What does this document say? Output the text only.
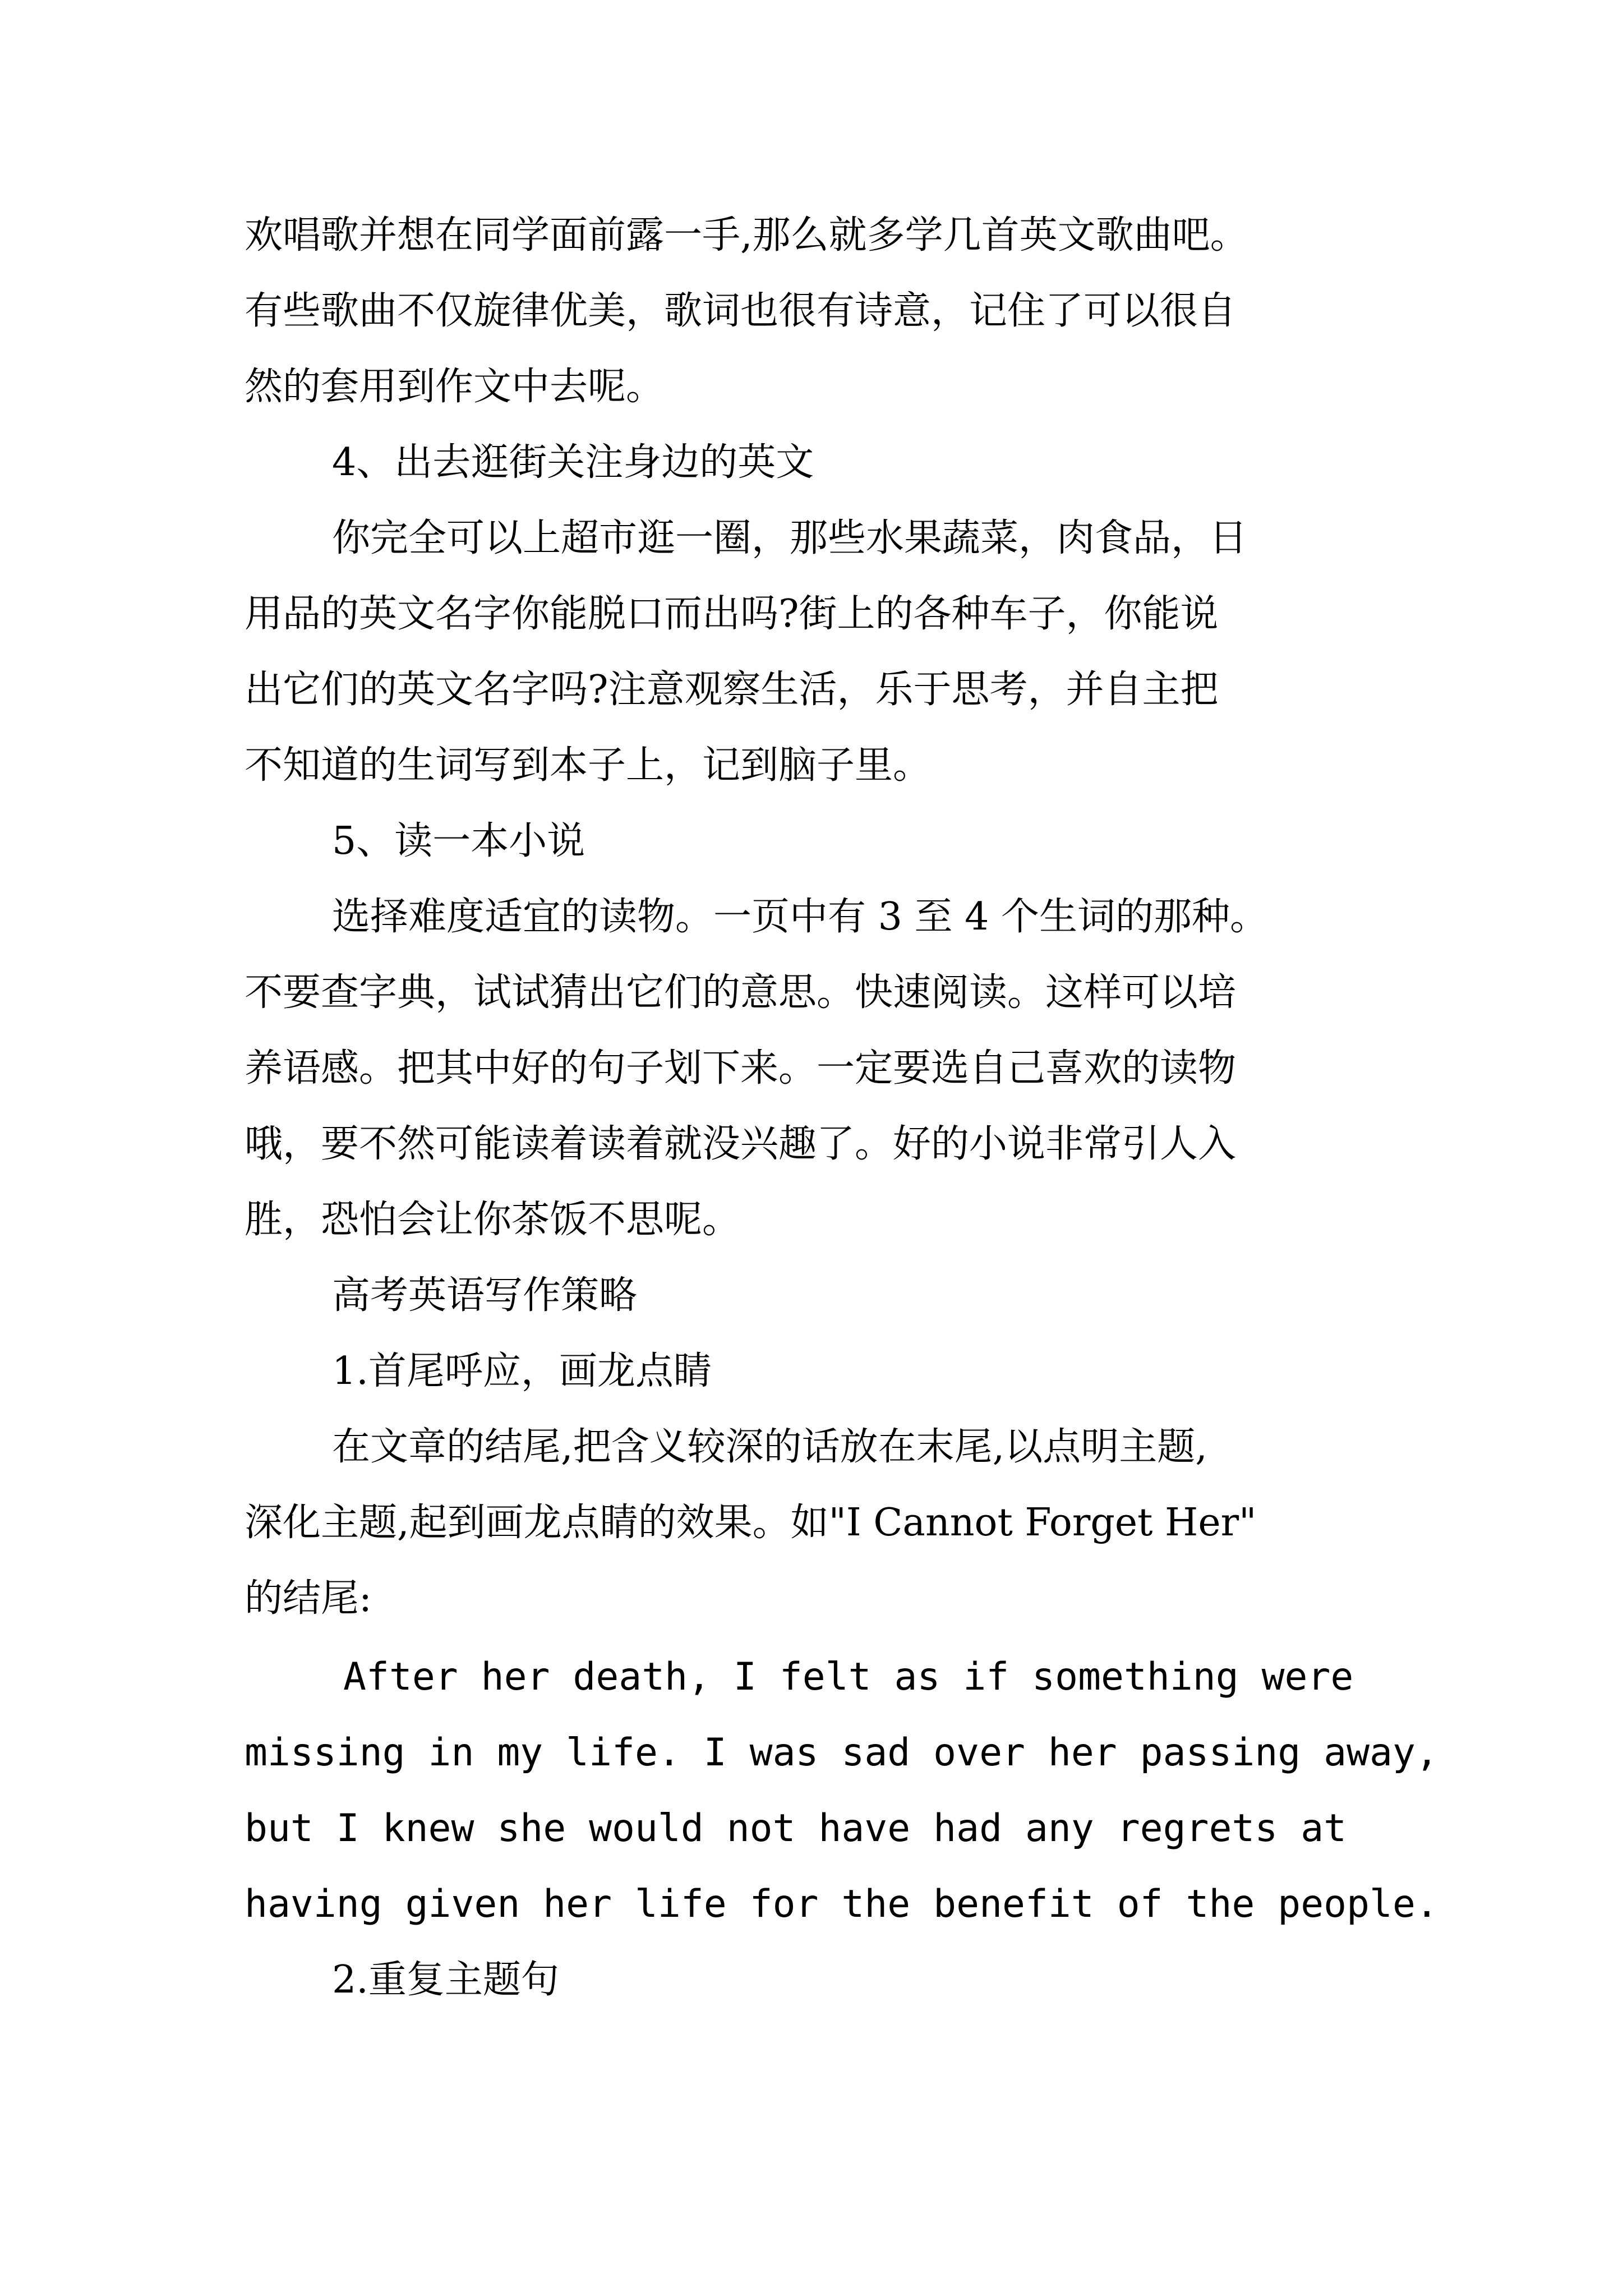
欢唱歌并想在同学面前露一手,那么就多学几首英文歌曲吧。

有些歌曲不仅旋律优美，歌词也很有诗意，记住了可以很自

然的套用到作文中去呢。

4、出去逛街关注身边的英文

你完全可以上超市逛一圈，那些水果蔬菜，肉食品，日

用品的英文名字你能脱口而出吗?街上的各种车子，你能说

出它们的英文名字吗?注意观察生活，乐于思考，并自主把

不知道的生词写到本子上，记到脑子里。

5、读一本小说

选择难度适宜的读物。一页中有 3 至 4 个生词的那种。

不要查字典，试试猜出它们的意思。快速阅读。这样可以培

养语感。把其中好的句子划下来。一定要选自己喜欢的读物

哦，要不然可能读着读着就没兴趣了。好的小说非常引人入

胜，恐怕会让你茶饭不思呢。

高考英语写作策略

1.首尾呼应，画龙点睛

在文章的结尾,把含义较深的话放在末尾,以点明主题,

深化主题,起到画龙点睛的效果。如"I Cannot Forget Her"

的结尾:

After her death, I felt as if something were

missing in my life. I was sad over her passing away,

but I knew she would not have had any regrets at

having given her life for the benefit of the people.

2.重复主题句
